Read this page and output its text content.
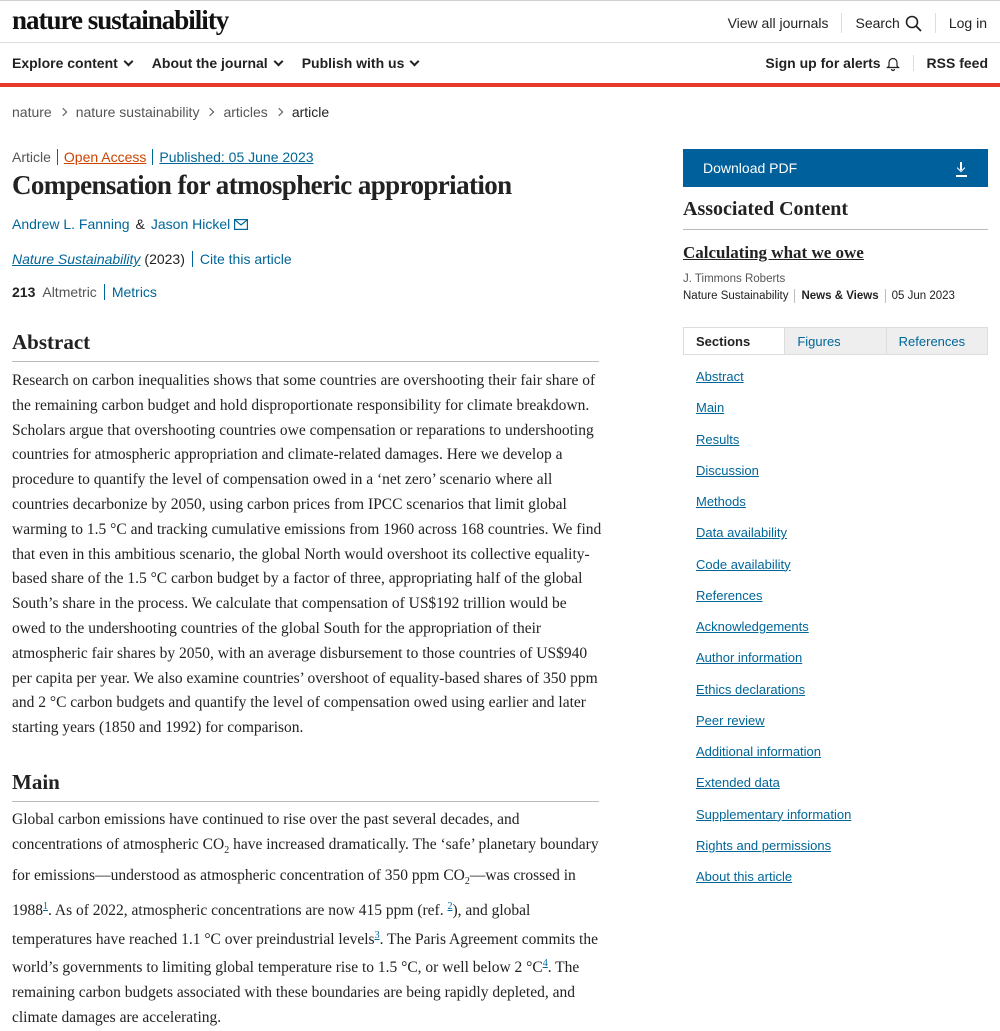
nature sustainability	View all journals	Search	Log in
Explore content About the journal Publish with us	Sign up for alerts	RSS feed
nature nature sustainability articles article
Article Open Access Published: 05 June 2023
Compensation for atmospheric appropriation
Andrew L. Fanning & Jason Hickel
Nature Sustainability (2023)	Cite this article
213 Altmetric	Metrics
Abstract

Research on carbon inequalities shows that some countries are overshooting their fair share of the remaining carbon budget and hold disproportionate responsibility for climate breakdown. Scholars argue that overshooting countries owe compensation or reparations to undershooting countries for atmospheric appropriation and climate-related damages. Here we develop a procedure to quantify the level of compensation owed in a ‘net zero’ scenario where all countries decarbonize by 2050, using carbon prices from IPCC scenarios that limit global warming to 1.5 °C and tracking cumulative emissions from 1960 across 168 countries. We find that even in this ambitious scenario, the global North would overshoot its collective equality-based share of the 1.5 °C carbon budget by a factor of three, appropriating half of the global South’s share in the process. We calculate that compensation of US$192 trillion would be owed to the undershooting countries of the global South for the appropriation of their atmospheric fair shares by 2050, with an average disbursement to those countries of US$940 per capita per year. We also examine countries’ overshoot of equality-based shares of 350 ppm and 2 °C carbon budgets and quantify the level of compensation owed using earlier and later starting years (1850 and 1992) for comparison.

Main

Global carbon emissions have continued to rise over the past several decades, and concentrations of atmospheric $CO_2$ have increased dramatically. The ‘safe’ planetary boundary for emissions—understood as atmospheric concentration of 350 ppm $CO_2—was$ crossed in 1988$^1$. As of 2022, atmospheric concentrations are now 415 ppm (ref. $^2$), and global temperatures have reached 1.1 °C over preindustrial levels$^3$. The Paris Agreement commits the world’s governments to limiting global temperature rise to 1.5 °C, or well below 2 $^\circ C^4$. The remaining carbon budgets associated with these boundaries are being rapidly depleted, and climate damages are accelerating.

Download PDF
Associated Content
Calculating what we owe
J. Timmons Roberts
Nature Sustainability	News & Views	05 Jun 2023
Sections	Figures	References
Abstract
Main
Results
Discussion
Methods
Data availability
Code availability
References
Acknowledgements
Author information
Ethics declarations
Peer review
Additional information
Extended data
Supplementary information
Rights and permissions
About this article
